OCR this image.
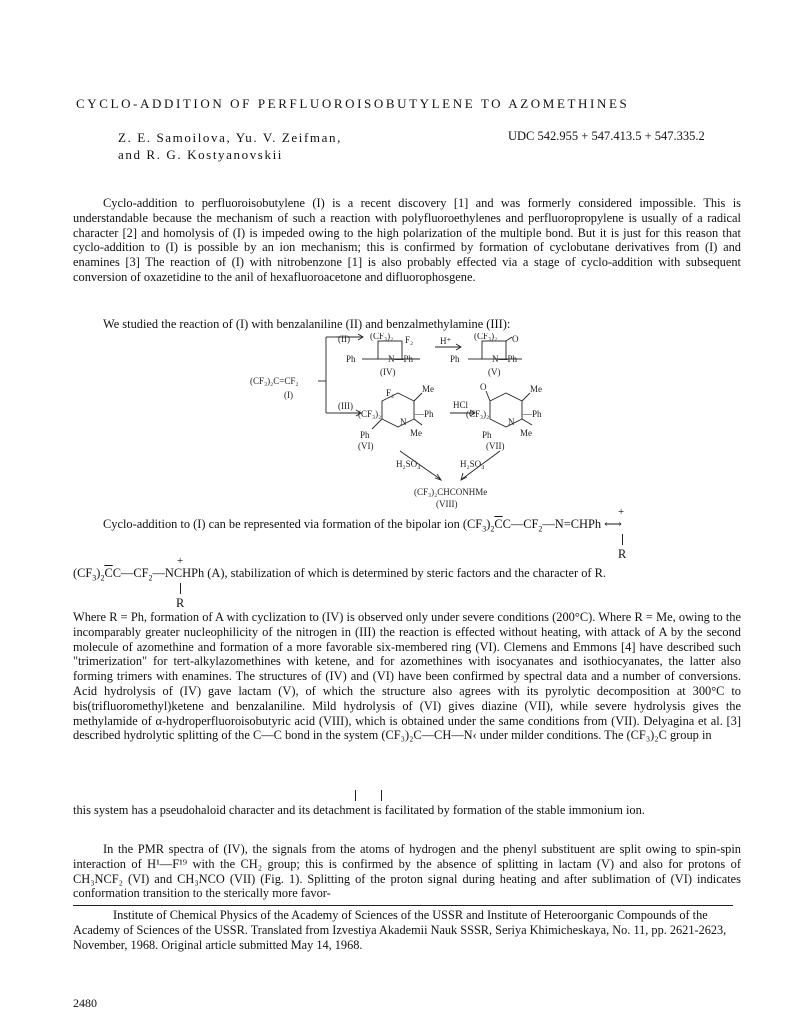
CYCLO-ADDITION OF PERFLUOROISOBUTYLENE TO AZOMETHINES
Z. E. Samoilova, Yu. V. Zeifman,
and R. G. Kostyanovskii
UDC 542.955 + 547.413.5 + 547.335.2

Cyclo-addition to perfluoroisobutylene (I) is a recent discovery [1] and was formerly considered impossible. This is understandable because the mechanism of such a reaction with polyfluoroethylenes and perfluoropropylene is usually of a radical character [2] and homolysis of (I) is impeded owing to the high polarization of the multiple bond. But it is just for this reason that cyclo-addition to (I) is possible by an ion mechanism; this is confirmed by formation of cyclobutane derivatives from (I) and enamines [3] The reaction of (I) with nitrobenzone [1] is also probably effected via a stage of cyclo-addition with subsequent conversion of oxazetidine to the anil of hexafluoroacetone and difluorophosgene.

We studied the reaction of (I) with benzalaniline (II) and benzalmethylamine (III):

(CF₃)₂C=CF₂
(I)
(II) (CF₃)₂ F₂
Ph	N—Ph
(IV)
H⁺	(CF₃)₂ O
Ph	N—Ph
(V)
(III)
F₂	Me
(CF₃)₂	—Ph
N
Ph	Me
(VI)
HCl
O	Me
(CF₃)₂	—Ph
N
Ph	Me
(VII)
H₂SO₄	H₂SO₄
(CF₃)₂CHCONHMe
(VIII)
Cyclo-addition to (I) can be represented via formation of the bipolar ion $(CF_3)_2\overline{C}C—CF_2—N=CHPh$ ⟷
+
R
$(CF_3)_2\overline{C}C—CF_2—NCHPh$ (A), stabilization of which is determined by steric factors and the character of R.
+
R

Where R = Ph, formation of A with cyclization to (IV) is observed only under severe conditions (200°C). Where R = Me, owing to the incomparably greater nucleophilicity of the nitrogen in (III) the reaction is effected without heating, with attack of A by the second molecule of azomethine and formation of a more favorable six-membered ring (VI). Clemens and Emmons [4] have described such "trimerization" for tert-alkylazomethines with ketene, and for azomethines with isocyanates and isothiocyanates, the latter also forming trimers with enamines. The structures of (IV) and (VI) have been confirmed by spectral data and a number of conversions. Acid hydrolysis of (IV) gave lactam (V), of which the structure also agrees with its pyrolytic decomposition at 300°C to bis(trifluoromethyl)ketene and benzalaniline. Mild hydrolysis of (VI) gives diazine (VII), while severe hydrolysis gives the methylamide of α-hydroperfluoroisobutyric acid (VIII), which is obtained under the same conditions from (VII). Delyagina et al. [3] described hydrolytic splitting of the C—C bond in the system (CF₃)₂C—CH—N‹ under milder conditions. The (CF₃)₂C group in

this system has a pseudohaloid character and its detachment is facilitated by formation of the stable immonium ion.

In the PMR spectra of (IV), the signals from the atoms of hydrogen and the phenyl substituent are split owing to spin-spin interaction of H¹—F¹⁹ with the CH₂ group; this is confirmed by the absence of splitting in lactam (V) and also for protons of CH₃NCF₂ (VI) and CH₃NCO (VII) (Fig. 1). Splitting of the proton signal during heating and after sublimation of (VI) indicates conformation transition to the sterically more favor-

Institute of Chemical Physics of the Academy of Sciences of the USSR and Institute of Heteroorganic Compounds of the Academy of Sciences of the USSR. Translated from Izvestiya Akademii Nauk SSSR, Seriya Khimicheskaya, No. 11, pp. 2621-2623, November, 1968. Original article submitted May 14, 1968.

2480
